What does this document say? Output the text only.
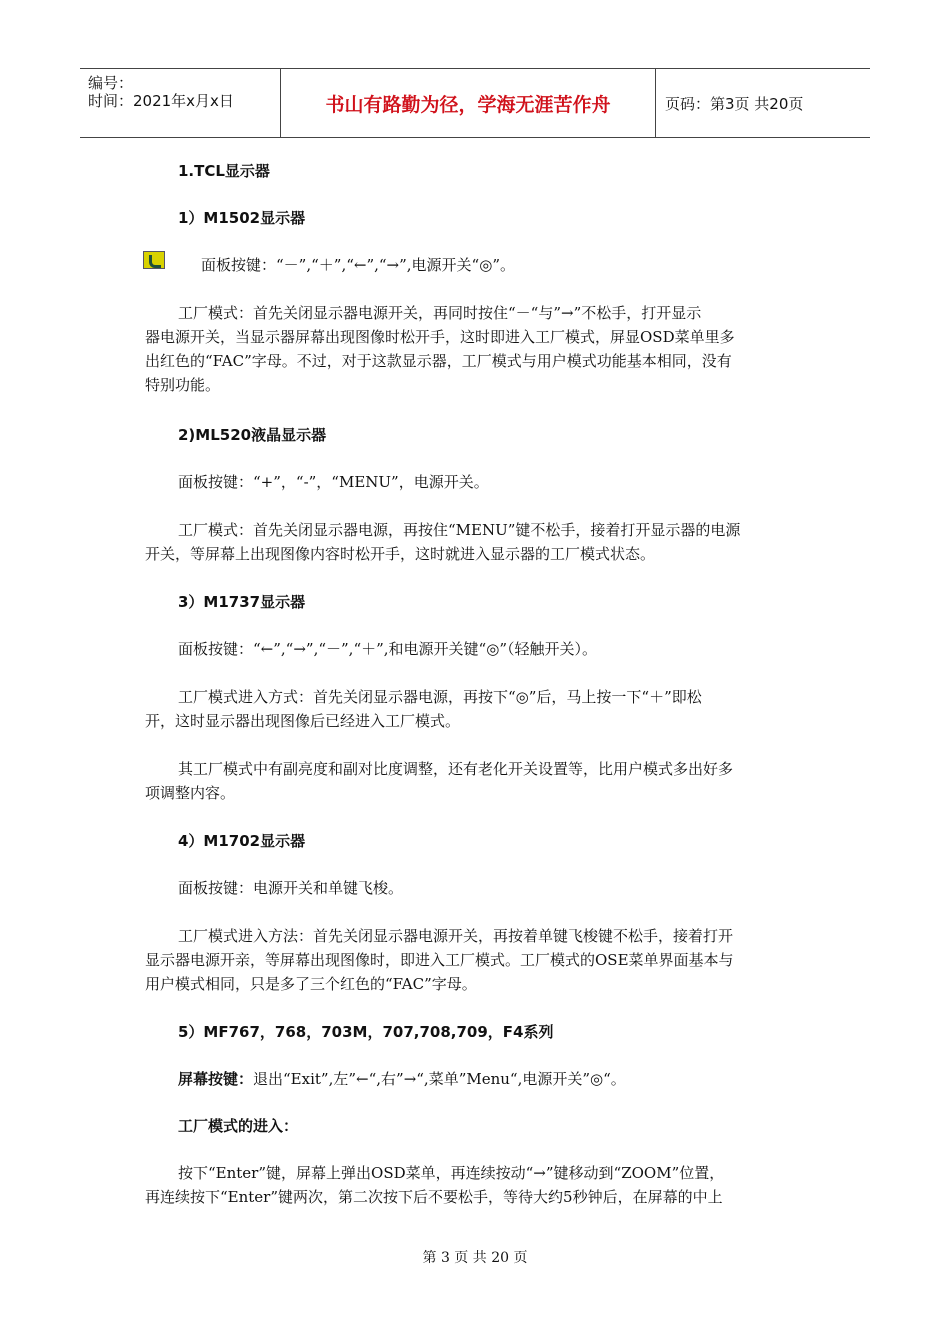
编号：
时间：2021年x月x日	书山有路勤为径，学海无涯苦作舟	页码：第3页 共20页
1.TCL显示器
1）M1502显示器
面板按键：“－”,“＋”,“←”,“→”,电源开关“◎”。
工厂模式：首先关闭显示器电源开关，再同时按住“－“与”→”不松手，打开显示
器电源开关，当显示器屏幕出现图像时松开手，这时即进入工厂模式，屏显OSD菜单里多
出红色的“FAC”字母。不过，对于这款显示器，工厂模式与用户模式功能基本相同，没有
特别功能。
2)ML520液晶显示器
面板按键：“+”，“-”，“MENU”，电源开关。
工厂模式：首先关闭显示器电源，再按住“MENU”键不松手，接着打开显示器的电源
开关，等屏幕上出现图像内容时松开手，这时就进入显示器的工厂模式状态。
3）M1737显示器
面板按键：“←”,“→”,“－”,“＋”,和电源开关键“◎”（轻触开关）。
工厂模式进入方式：首先关闭显示器电源，再按下“◎”后，马上按一下“＋”即松
开，这时显示器出现图像后已经进入工厂模式。
其工厂模式中有副亮度和副对比度调整，还有老化开关设置等，比用户模式多出好多
项调整内容。
4）M1702显示器
面板按键：电源开关和单键飞梭。
工厂模式进入方法：首先关闭显示器电源开关，再按着单键飞梭键不松手，接着打开
显示器电源开亲，等屏幕出现图像时，即进入工厂模式。工厂模式的OSE菜单界面基本与
用户模式相同，只是多了三个红色的“FAC”字母。
5）MF767，768，703M，707,708,709，F4系列
屏幕按键：退出“Exit”,左”←“,右”→“,菜单”Menu“,电源开关”◎“。
工厂模式的进入：
按下“Enter”键，屏幕上弹出OSD菜单，再连续按动“→”键移动到“ZOOM”位置，
再连续按下“Enter”键两次，第二次按下后不要松手，等待大约5秒钟后，在屏幕的中上
第 3 页 共 20 页
